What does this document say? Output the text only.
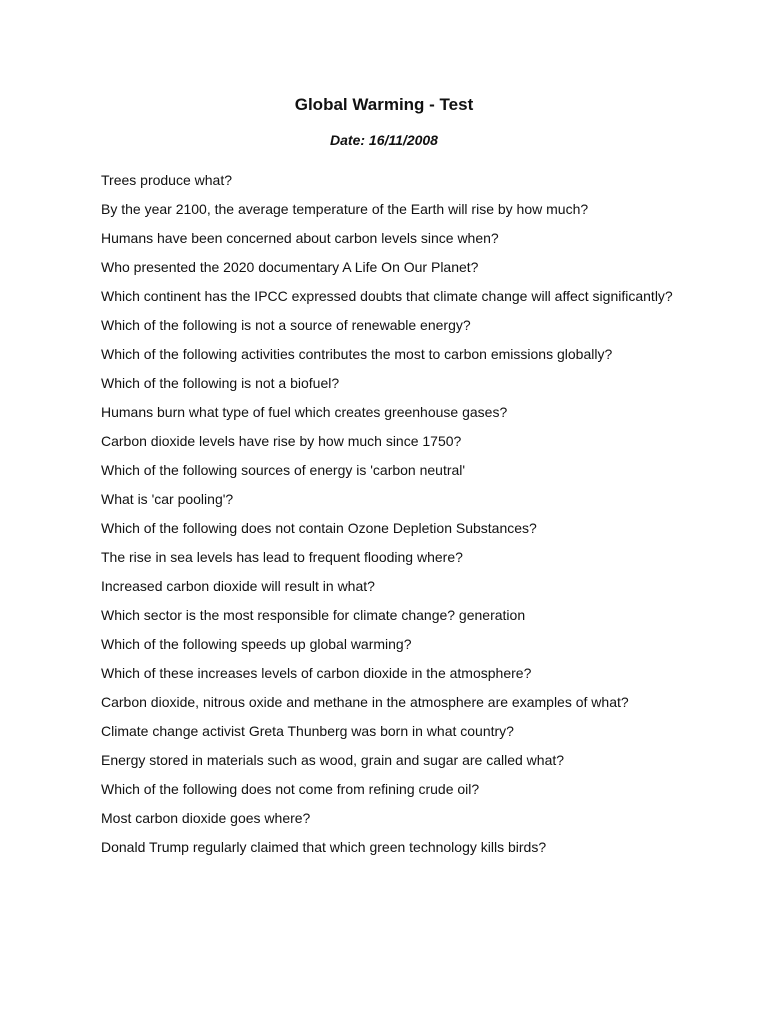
Global Warming - Test

Date: 16/11/2008

Trees produce what?
By the year 2100, the average temperature of the Earth will rise by how much?
Humans have been concerned about carbon levels since when?
Who presented the 2020 documentary A Life On Our Planet?
Which continent has the IPCC expressed doubts that climate change will affect significantly?
Which of the following is not a source of renewable energy?
Which of the following activities contributes the most to carbon emissions globally?
Which of the following is not a biofuel?
Humans burn what type of fuel which creates greenhouse gases?
Carbon dioxide levels have rise by how much since 1750?
Which of the following sources of energy is 'carbon neutral'
What is 'car pooling'?
Which of the following does not contain Ozone Depletion Substances?
The rise in sea levels has lead to frequent flooding where?
Increased carbon dioxide will result in what?
Which sector is the most responsible for climate change? generation
Which of the following speeds up global warming?
Which of these increases levels of carbon dioxide in the atmosphere?
Carbon dioxide, nitrous oxide and methane in the atmosphere are examples of what?
Climate change activist Greta Thunberg was born in what country?
Energy stored in materials such as wood, grain and sugar are called what?
Which of the following does not come from refining crude oil?
Most carbon dioxide goes where?
Donald Trump regularly claimed that which green technology kills birds?
